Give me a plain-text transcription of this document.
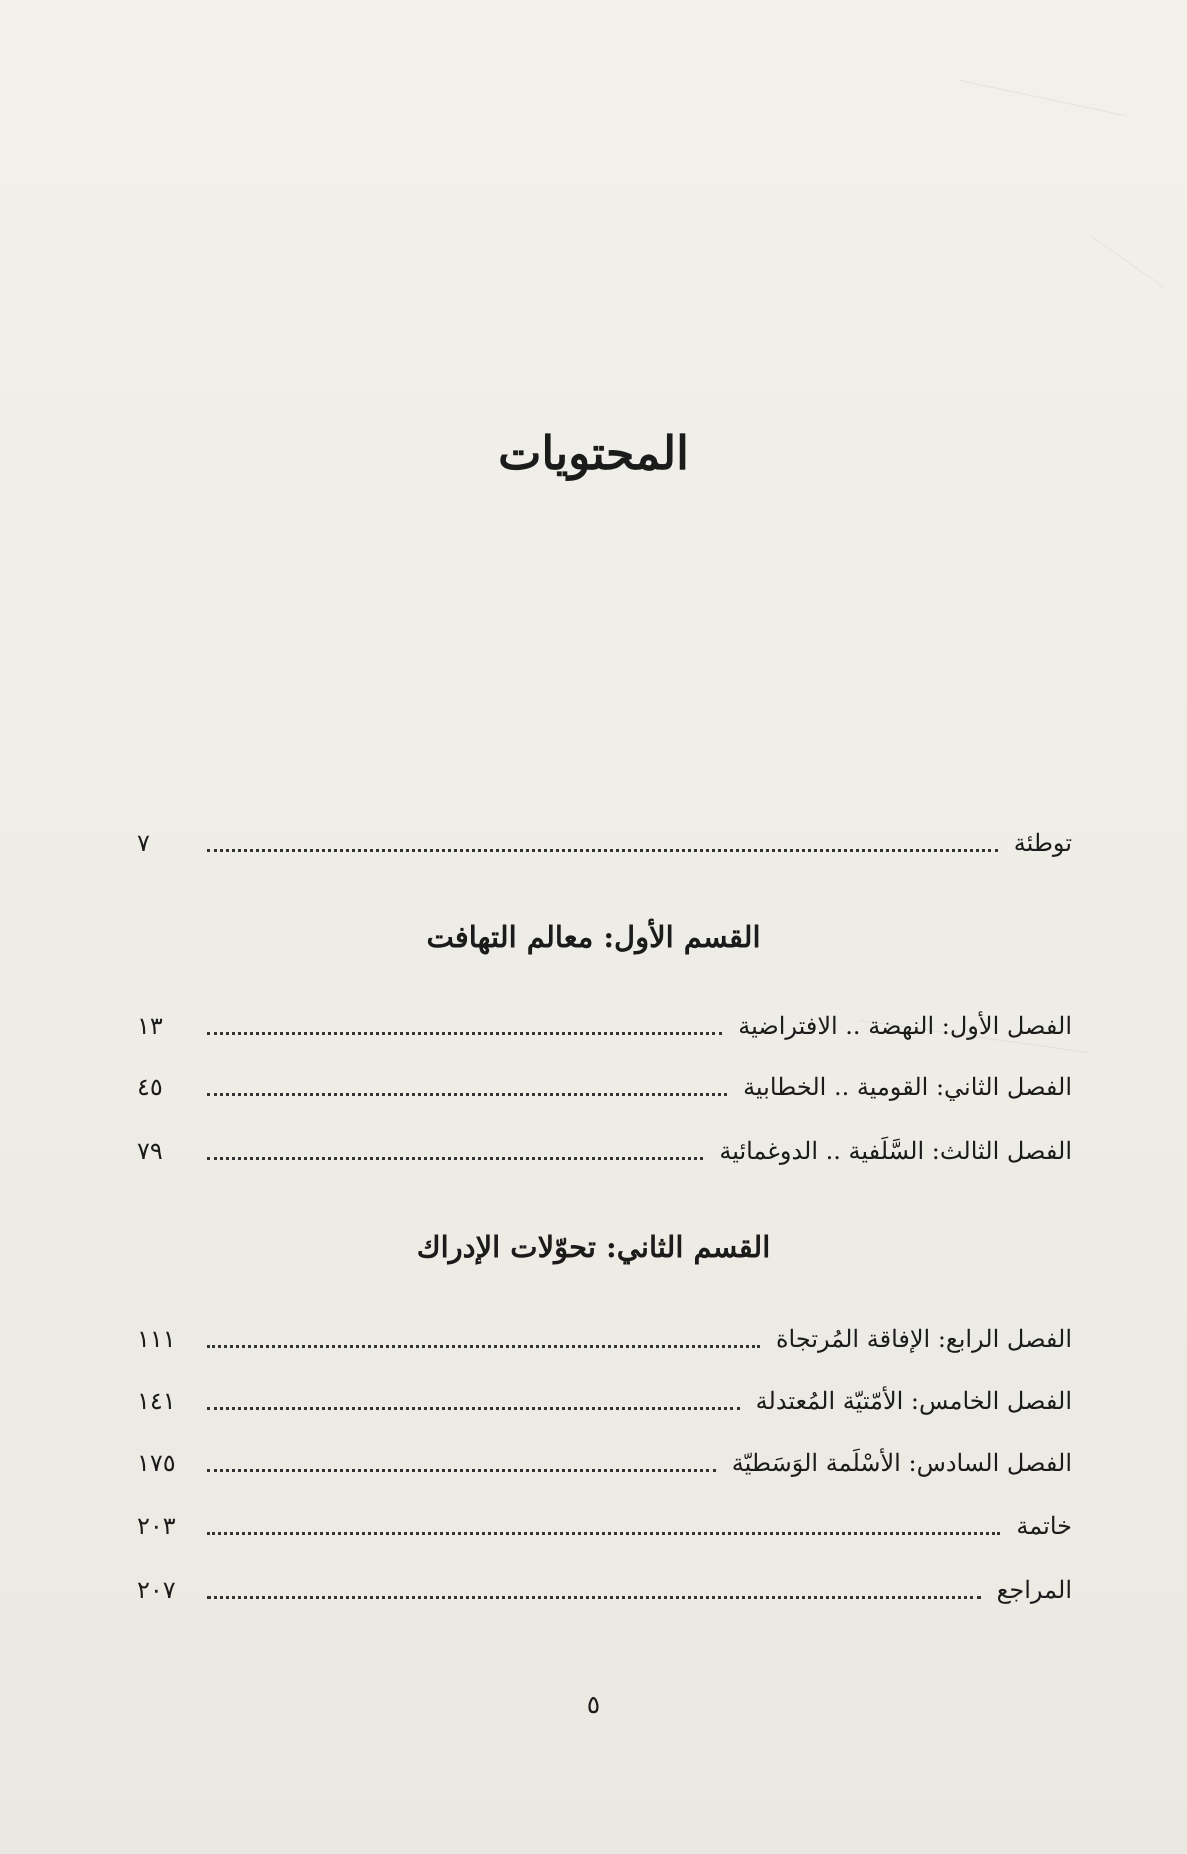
المحتويات
توطئة
٧
القسم الأول: معالم التهافت
الفصل الأول: النهضة .. الافتراضية
١٣
الفصل الثاني: القومية .. الخطابية
٤٥
الفصل الثالث: السَّلَفية .. الدوغمائية
٧٩
القسم الثاني: تحوّلات الإدراك
الفصل الرابع: الإفاقة المُرتجاة
١١١
الفصل الخامس: الأمّتيّة المُعتدلة
١٤١
الفصل السادس: الأسْلَمة الوَسَطيّة
١٧٥
خاتمة
٢٠٣
المراجع
٢٠٧
٥
